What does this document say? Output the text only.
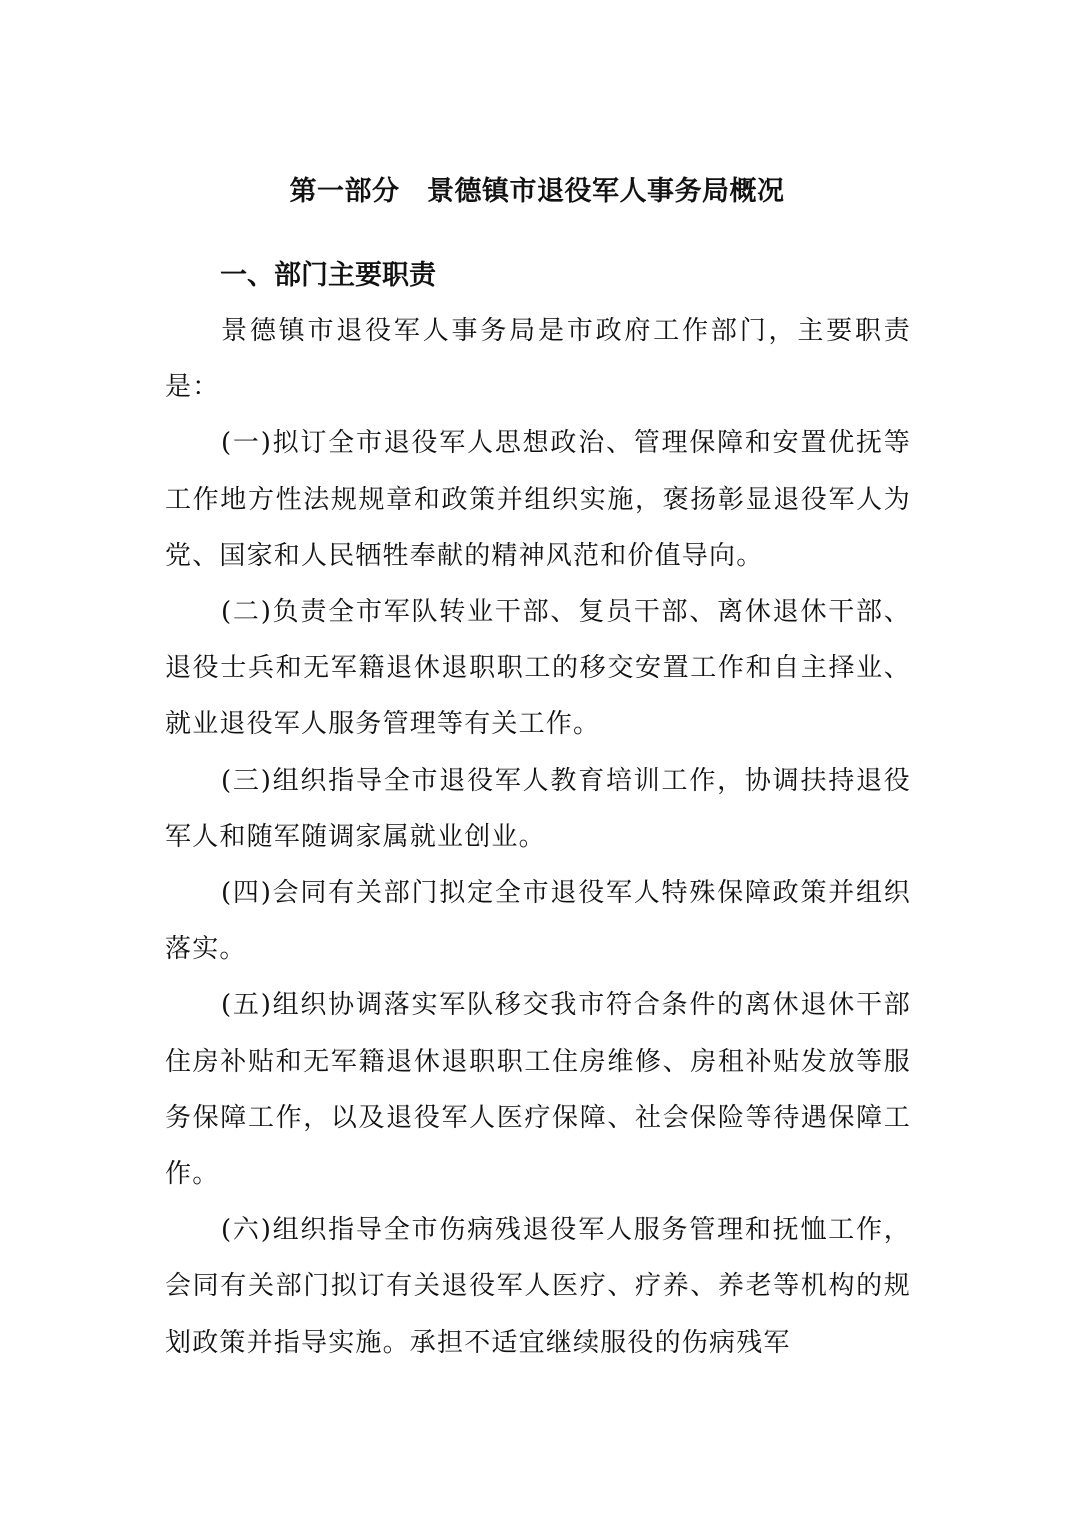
第一部分　景德镇市退役军人事务局概况
一、部门主要职责

景德镇市退役军人事务局是市政府工作部门，主要职责是：

(一)拟订全市退役军人思想政治、管理保障和安置优抚等工作地方性法规规章和政策并组织实施，褒扬彰显退役军人为党、国家和人民牺牲奉献的精神风范和价值导向。

(二)负责全市军队转业干部、复员干部、离休退休干部、退役士兵和无军籍退休退职职工的移交安置工作和自主择业、就业退役军人服务管理等有关工作。

(三)组织指导全市退役军人教育培训工作，协调扶持退役军人和随军随调家属就业创业。

(四)会同有关部门拟定全市退役军人特殊保障政策并组织落实。

(五)组织协调落实军队移交我市符合条件的离休退休干部住房补贴和无军籍退休退职职工住房维修、房租补贴发放等服务保障工作，以及退役军人医疗保障、社会保险等待遇保障工作。

(六)组织指导全市伤病残退役军人服务管理和抚恤工作，会同有关部门拟订有关退役军人医疗、疗养、养老等机构的规划政策并指导实施。承担不适宜继续服役的伤病残军
